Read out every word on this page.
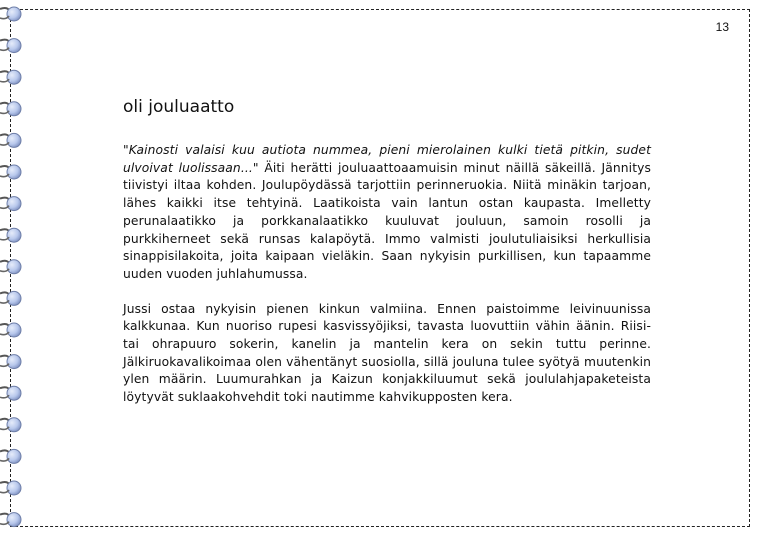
13
oli jouluaatto

"Kainosti valaisi kuu autiota nummea, pieni mierolainen kulki tietä pitkin, sudet ulvoivat luolissaan..." Äiti herätti jouluaattoaamuisin minut näillä säkeillä. Jännitys tiivistyi iltaa kohden. Joulupöydässä tarjottiin perinneruokia. Niitä minäkin tarjoan, lähes kaikki itse tehtyinä. Laatikoista vain lantun ostan kaupasta. Imelletty perunalaatikko ja porkkanalaatikko kuuluvat jouluun, samoin rosolli ja purkkiherneet sekä runsas kalapöytä. Immo valmisti joulutuliaisiksi herkullisia sinappisilakoita, joita kaipaan vieläkin. Saan nykyisin purkillisen, kun tapaamme uuden vuoden juhlahumussa.

Jussi ostaa nykyisin pienen kinkun valmiina. Ennen paistoimme leivinuunissa kalkkunaa. Kun nuoriso rupesi kasvissyöjiksi, tavasta luovuttiin vähin äänin. Riisi- tai ohrapuuro sokerin, kanelin ja mantelin kera on sekin tuttu perinne. Jälkiruokavalikoimaa olen vähentänyt suosiolla, sillä jouluna tulee syötyä muutenkin ylen määrin. Luumurahkan ja Kaizun konjakkiluumut sekä joululahjapaketeista löytyvät suklaakohvehdit toki nautimme kahvikupposten kera.
